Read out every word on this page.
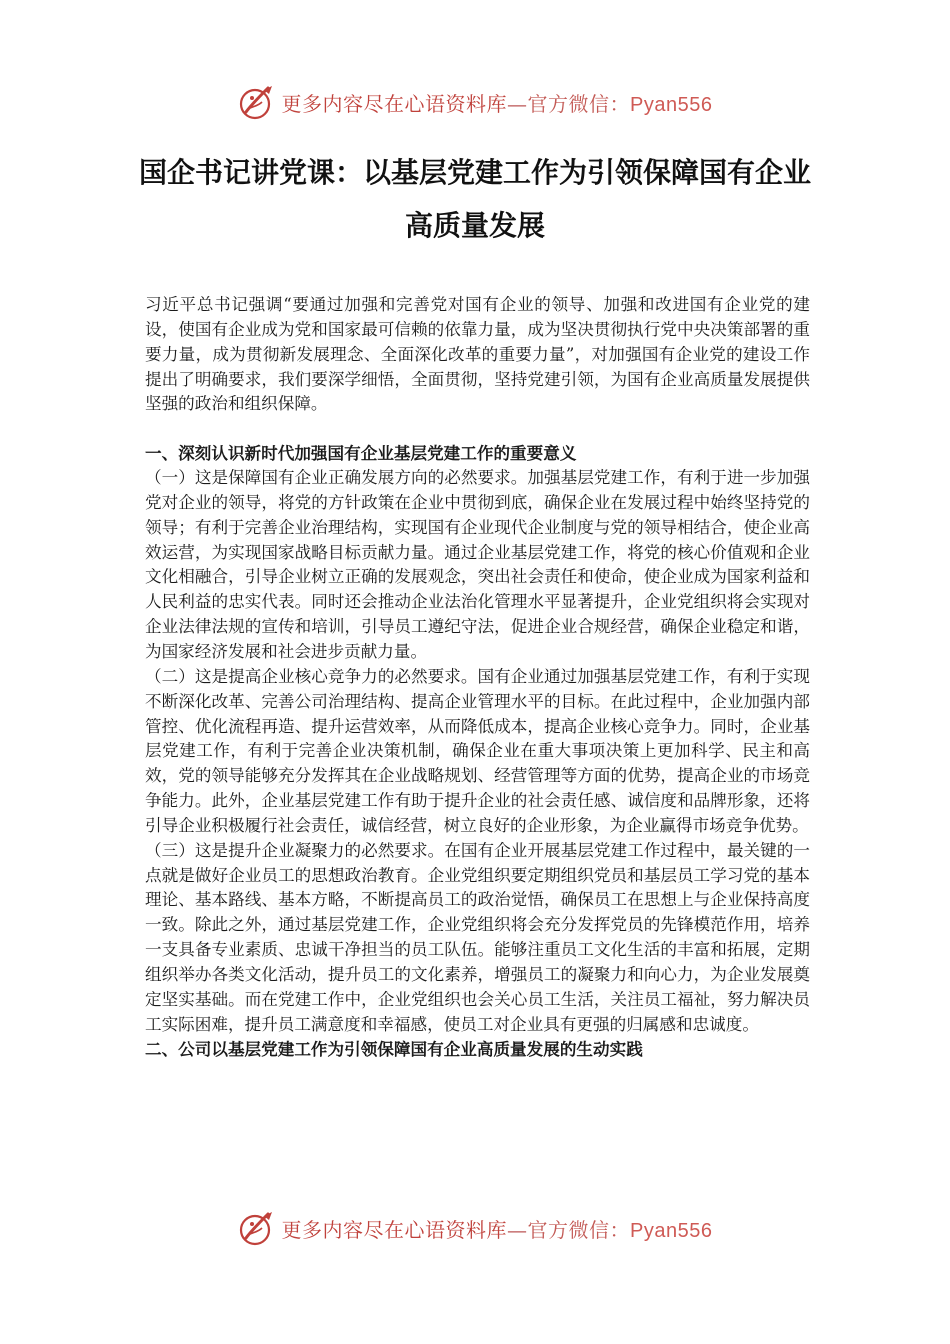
更多内容尽在心语资料库—官方微信：Pyan556
国企书记讲党课：以基层党建工作为引领保障国有企业高质量发展

习近平总书记强调“要通过加强和完善党对国有企业的领导、加强和改进国有企业党的建设，使国有企业成为党和国家最可信赖的依靠力量，成为坚决贯彻执行党中央决策部署的重要力量，成为贯彻新发展理念、全面深化改革的重要力量”，对加强国有企业党的建设工作提出了明确要求，我们要深学细悟，全面贯彻，坚持党建引领，为国有企业高质量发展提供坚强的政治和组织保障。

一、深刻认识新时代加强国有企业基层党建工作的重要意义

（一）这是保障国有企业正确发展方向的必然要求。加强基层党建工作，有利于进一步加强党对企业的领导，将党的方针政策在企业中贯彻到底，确保企业在发展过程中始终坚持党的领导；有利于完善企业治理结构，实现国有企业现代企业制度与党的领导相结合，使企业高效运营，为实现国家战略目标贡献力量。通过企业基层党建工作，将党的核心价值观和企业文化相融合，引导企业树立正确的发展观念，突出社会责任和使命，使企业成为国家利益和人民利益的忠实代表。同时还会推动企业法治化管理水平显著提升，企业党组织将会实现对企业法律法规的宣传和培训，引导员工遵纪守法，促进企业合规经营，确保企业稳定和谐，为国家经济发展和社会进步贡献力量。

（二）这是提高企业核心竞争力的必然要求。国有企业通过加强基层党建工作，有利于实现不断深化改革、完善公司治理结构、提高企业管理水平的目标。在此过程中，企业加强内部管控、优化流程再造、提升运营效率，从而降低成本，提高企业核心竞争力。同时，企业基层党建工作，有利于完善企业决策机制，确保企业在重大事项决策上更加科学、民主和高效，党的领导能够充分发挥其在企业战略规划、经营管理等方面的优势，提高企业的市场竞争能力。此外，企业基层党建工作有助于提升企业的社会责任感、诚信度和品牌形象，还将引导企业积极履行社会责任，诚信经营，树立良好的企业形象，为企业赢得市场竞争优势。

（三）这是提升企业凝聚力的必然要求。在国有企业开展基层党建工作过程中，最关键的一点就是做好企业员工的思想政治教育。企业党组织要定期组织党员和基层员工学习党的基本理论、基本路线、基本方略，不断提高员工的政治觉悟，确保员工在思想上与企业保持高度一致。除此之外，通过基层党建工作，企业党组织将会充分发挥党员的先锋模范作用，培养一支具备专业素质、忠诚干净担当的员工队伍。能够注重员工文化生活的丰富和拓展，定期组织举办各类文化活动，提升员工的文化素养，增强员工的凝聚力和向心力，为企业发展奠定坚实基础。而在党建工作中，企业党组织也会关心员工生活，关注员工福祉，努力解决员工实际困难，提升员工满意度和幸福感，使员工对企业具有更强的归属感和忠诚度。

二、公司以基层党建工作为引领保障国有企业高质量发展的生动实践
更多内容尽在心语资料库—官方微信：Pyan556
